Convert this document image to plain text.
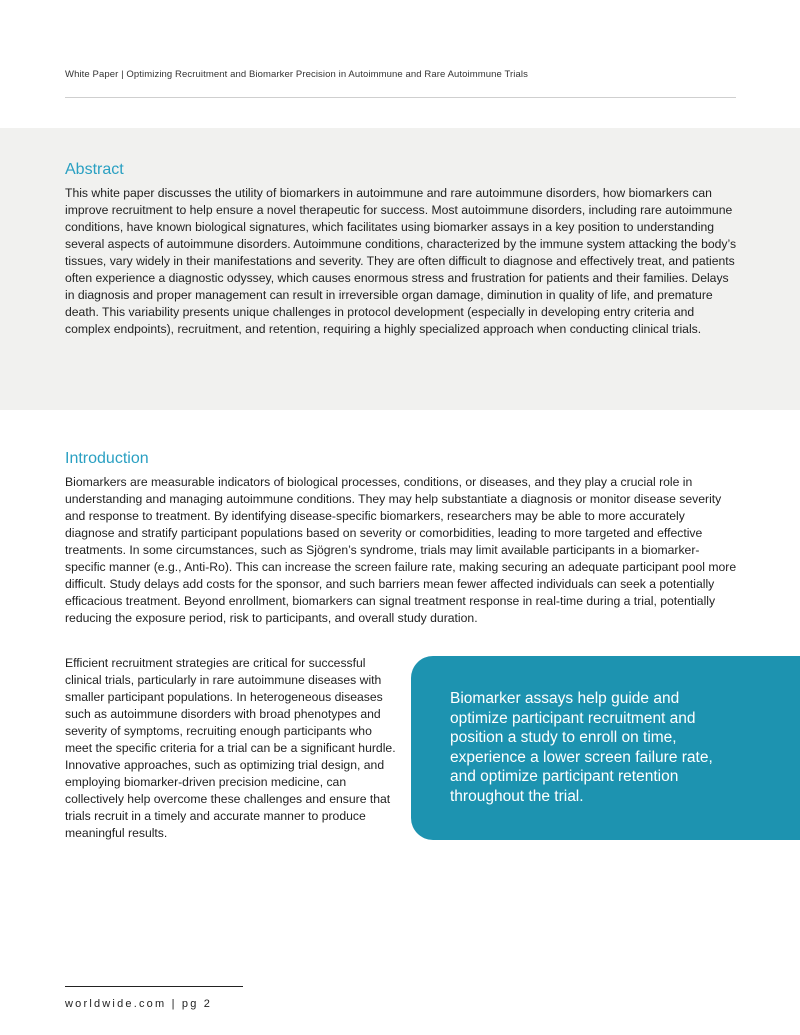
White Paper | Optimizing Recruitment and Biomarker Precision in Autoimmune and Rare Autoimmune Trials
Abstract

This white paper discusses the utility of biomarkers in autoimmune and rare autoimmune disorders, how biomarkers can improve recruitment to help ensure a novel therapeutic for success. Most autoimmune disorders, including rare autoimmune conditions, have known biological signatures, which facilitates using biomarker assays in a key position to understanding several aspects of autoimmune disorders. Autoimmune conditions, characterized by the immune system attacking the body’s tissues, vary widely in their manifestations and severity. They are often difficult to diagnose and effectively treat, and patients often experience a diagnostic odyssey, which causes enormous stress and frustration for patients and their families. Delays in diagnosis and proper management can result in irreversible organ damage, diminution in quality of life, and premature death. This variability presents unique challenges in protocol development (especially in developing entry criteria and complex endpoints), recruitment, and retention, requiring a highly specialized approach when conducting clinical trials.

Introduction

Biomarkers are measurable indicators of biological processes, conditions, or diseases, and they play a crucial role in understanding and managing autoimmune conditions. They may help substantiate a diagnosis or monitor disease severity and response to treatment. By identifying disease-specific biomarkers, researchers may be able to more accurately diagnose and stratify participant populations based on severity or comorbidities, leading to more targeted and effective treatments. In some circumstances, such as Sjögren’s syndrome, trials may limit available participants in a biomarker-specific manner (e.g., Anti-Ro). This can increase the screen failure rate, making securing an adequate participant pool more difficult. Study delays add costs for the sponsor, and such barriers mean fewer affected individuals can seek a potentially efficacious treatment. Beyond enrollment, biomarkers can signal treatment response in real-time during a trial, potentially reducing the exposure period, risk to participants, and overall study duration.

Efficient recruitment strategies are critical for successful clinical trials, particularly in rare autoimmune diseases with smaller participant populations. In heterogeneous diseases such as autoimmune disorders with broad phenotypes and severity of symptoms, recruiting enough participants who meet the specific criteria for a trial can be a significant hurdle. Innovative approaches, such as optimizing trial design, and employing biomarker-driven precision medicine, can collectively help overcome these challenges and ensure that trials recruit in a timely and accurate manner to produce meaningful results.

Biomarker assays help guide and optimize participant recruitment and position a study to enroll on time, experience a lower screen failure rate, and optimize participant retention throughout the trial.

worldwide.com | pg 2
